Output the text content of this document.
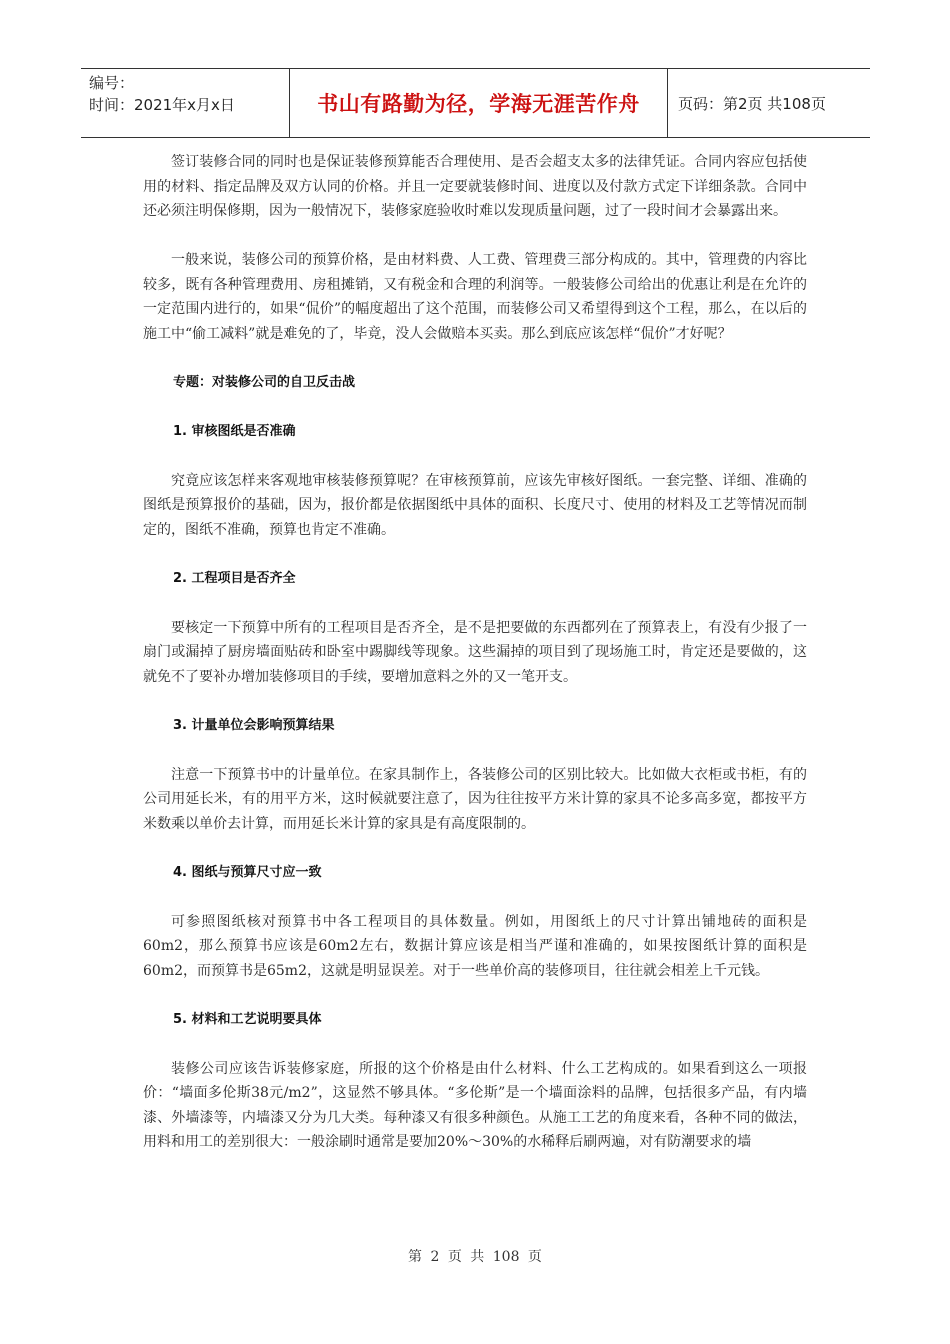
编号：
时间：2021年x月x日	书山有路勤为径，学海无涯苦作舟	页码：第2页 共108页

签订装修合同的同时也是保证装修预算能否合理使用、是否会超支太多的法律凭证。合同内容应包括使用的材料、指定品牌及双方认同的价格。并且一定要就装修时间、进度以及付款方式定下详细条款。合同中还必须注明保修期，因为一般情况下，装修家庭验收时难以发现质量问题，过了一段时间才会暴露出来。

一般来说，装修公司的预算价格，是由材料费、人工费、管理费三部分构成的。其中，管理费的内容比较多，既有各种管理费用、房租摊销，又有税金和合理的利润等。一般装修公司给出的优惠让利是在允许的一定范围内进行的，如果“侃价”的幅度超出了这个范围，而装修公司又希望得到这个工程，那么，在以后的施工中“偷工减料”就是难免的了，毕竟，没人会做赔本买卖。那么到底应该怎样“侃价”才好呢？

专题：对装修公司的自卫反击战
1. 审核图纸是否准确

究竟应该怎样来客观地审核装修预算呢？在审核预算前，应该先审核好图纸。一套完整、详细、准确的图纸是预算报价的基础，因为，报价都是依据图纸中具体的面积、长度尺寸、使用的材料及工艺等情况而制定的，图纸不准确，预算也肯定不准确。

2. 工程项目是否齐全

要核定一下预算中所有的工程项目是否齐全，是不是把要做的东西都列在了预算表上，有没有少报了一扇门或漏掉了厨房墙面贴砖和卧室中踢脚线等现象。这些漏掉的项目到了现场施工时，肯定还是要做的，这就免不了要补办增加装修项目的手续，要增加意料之外的又一笔开支。

3. 计量单位会影响预算结果

注意一下预算书中的计量单位。在家具制作上，各装修公司的区别比较大。比如做大衣柜或书柜，有的公司用延长米，有的用平方米，这时候就要注意了，因为往往按平方米计算的家具不论多高多宽，都按平方米数乘以单价去计算，而用延长米计算的家具是有高度限制的。

4. 图纸与预算尺寸应一致

可参照图纸核对预算书中各工程项目的具体数量。例如，用图纸上的尺寸计算出铺地砖的面积是60m2，那么预算书应该是60m2左右，数据计算应该是相当严谨和准确的，如果按图纸计算的面积是60m2，而预算书是65m2，这就是明显误差。对于一些单价高的装修项目，往往就会相差上千元钱。

5. 材料和工艺说明要具体

装修公司应该告诉装修家庭，所报的这个价格是由什么材料、什么工艺构成的。如果看到这么一项报价：“墙面多伦斯38元/m2”，这显然不够具体。“多伦斯”是一个墙面涂料的品牌，包括很多产品，有内墙漆、外墙漆等，内墙漆又分为几大类。每种漆又有很多种颜色。从施工工艺的角度来看，各种不同的做法，用料和用工的差别很大：一般涂刷时通常是要加20%～30%的水稀释后刷两遍，对有防潮要求的墙

第 2 页 共 108 页
